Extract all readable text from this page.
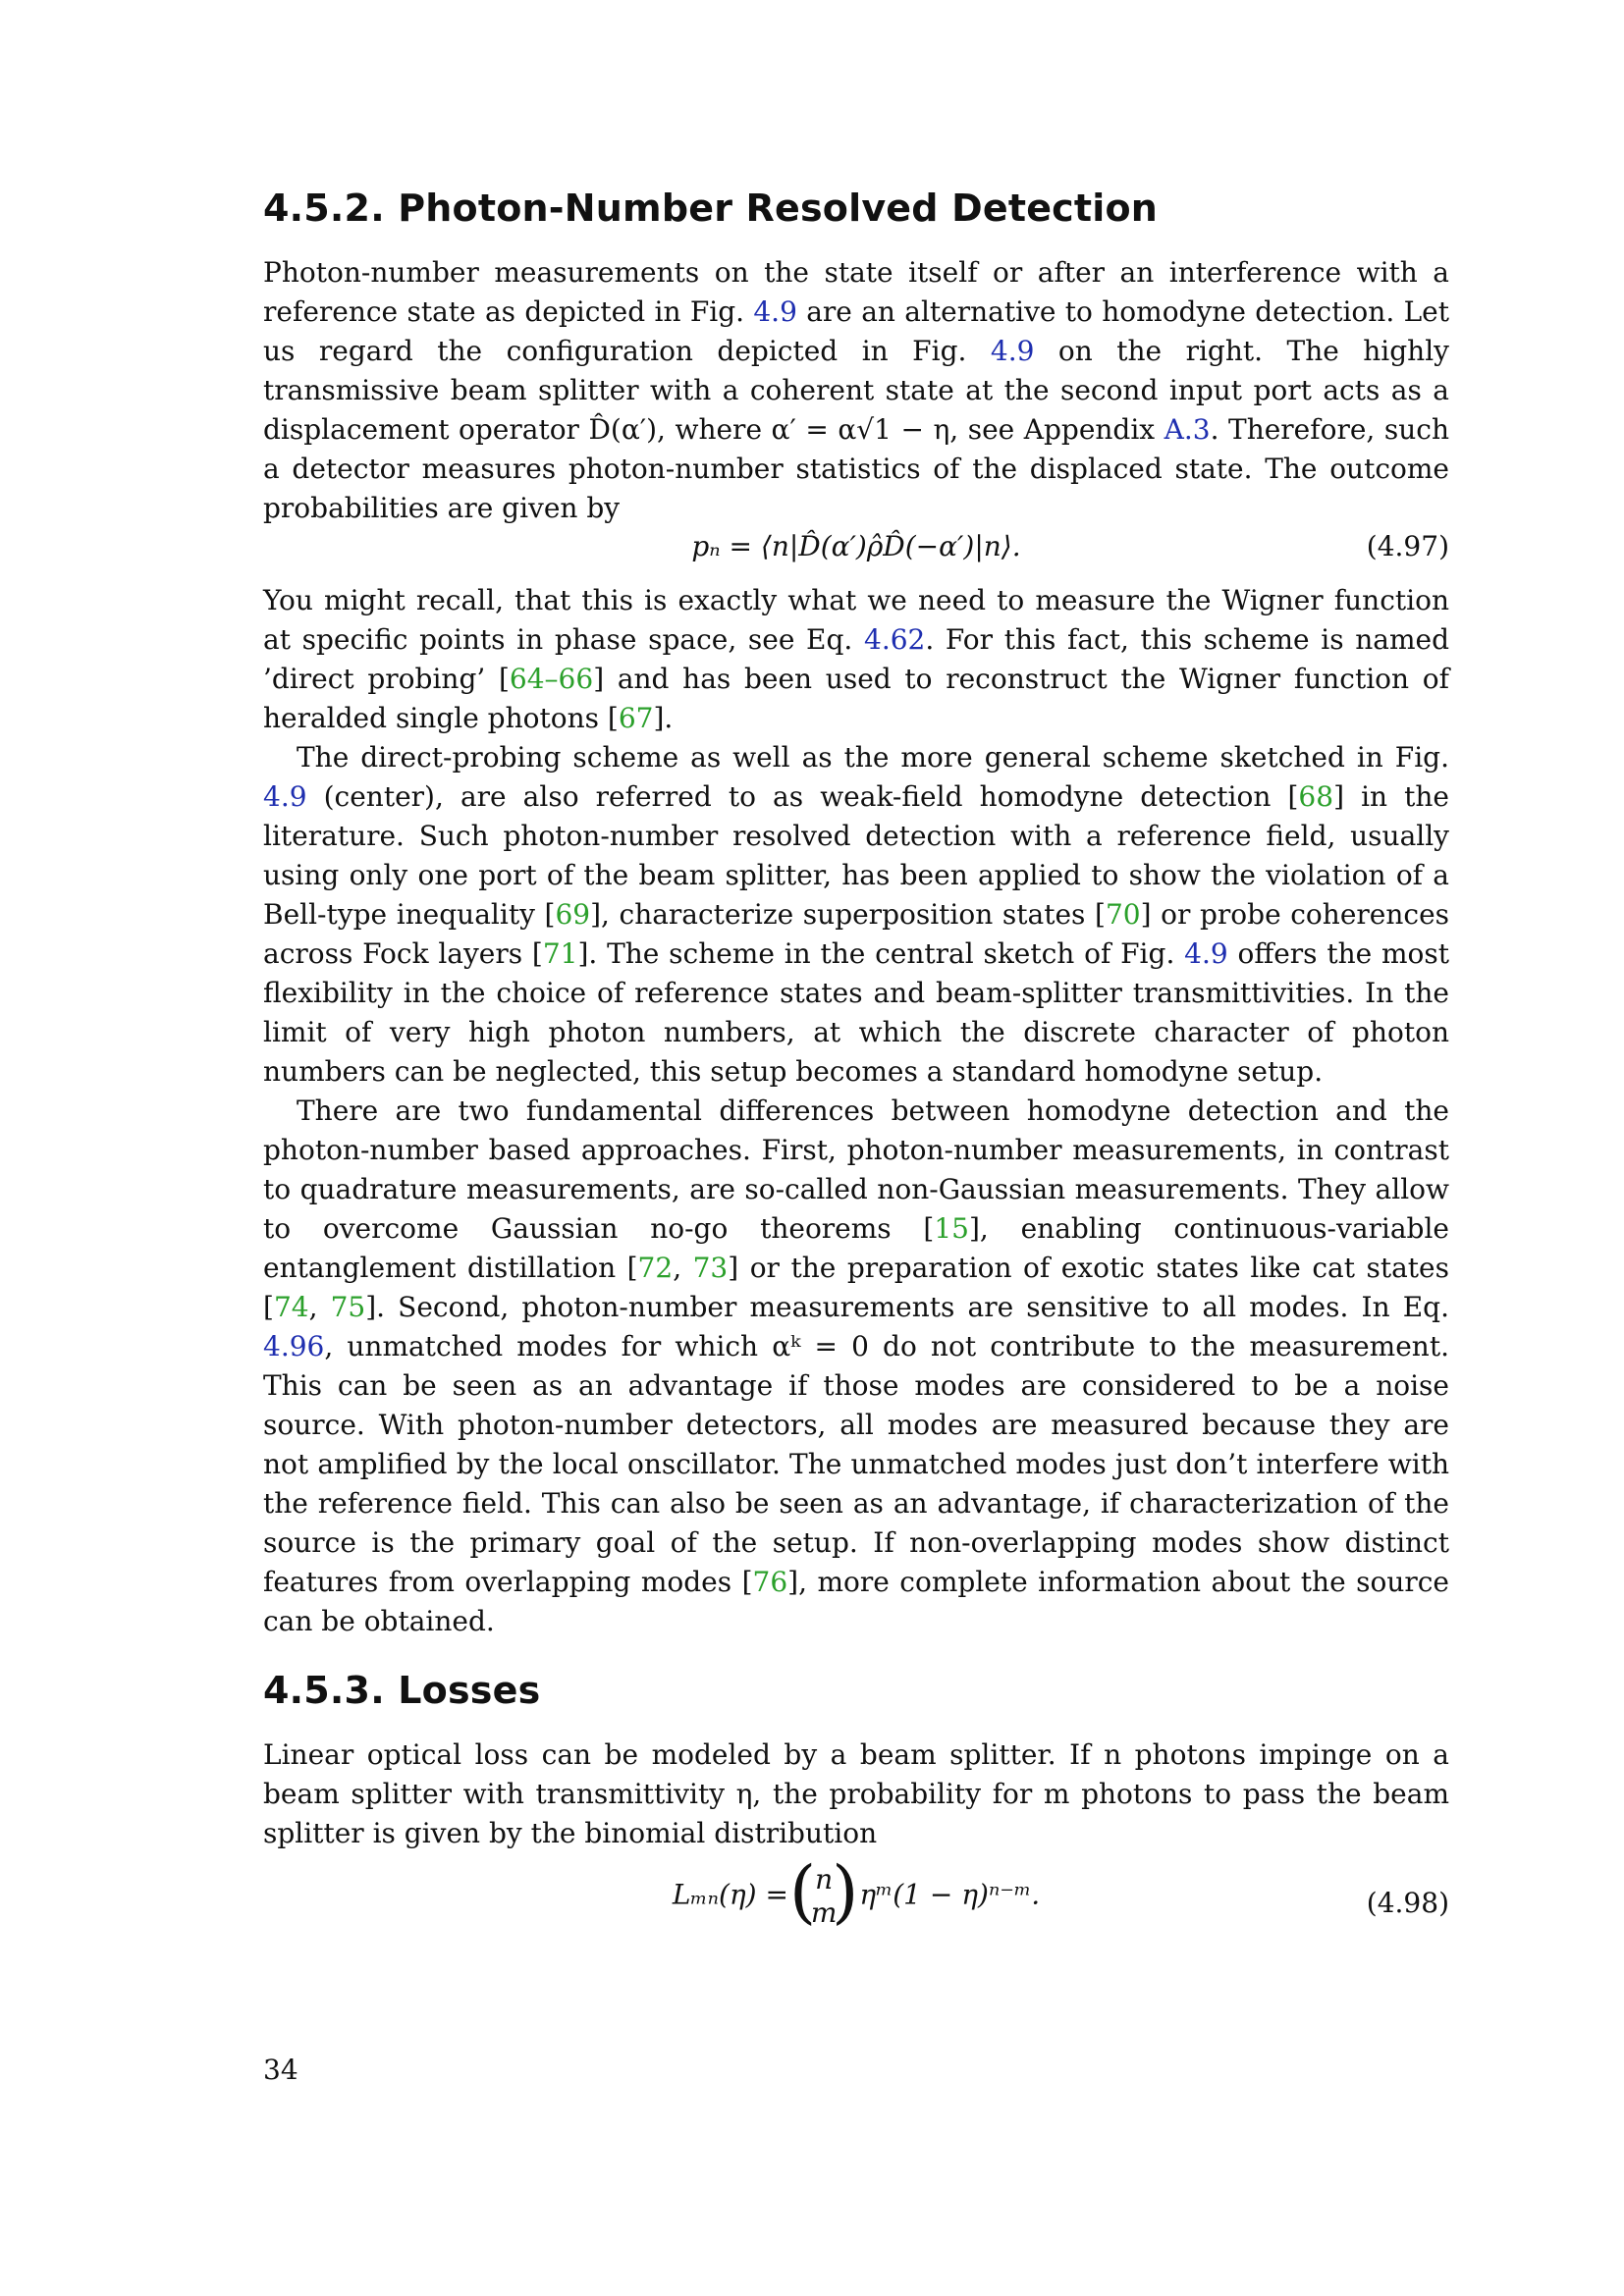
4.5.2. Photon-Number Resolved Detection

Photon-number measurements on the state itself or after an interference with a reference state as depicted in Fig. 4.9 are an alternative to homodyne detection. Let us regard the configuration depicted in Fig. 4.9 on the right. The highly transmissive beam splitter with a coherent state at the second input port acts as a displacement operator D̂(α′), where α′ = α√1 − η, see Appendix A.3. Therefore, such a detector measures photon-number statistics of the displaced state. The outcome probabilities are given by

pₙ = ⟨n|D̂(α′)ρ̂D̂(−α′)|n⟩.	(4.97)

You might recall, that this is exactly what we need to measure the Wigner function at specific points in phase space, see Eq. 4.62. For this fact, this scheme is named ’direct probing’ [64–66] and has been used to reconstruct the Wigner function of heralded single photons [67].

The direct-probing scheme as well as the more general scheme sketched in Fig. 4.9 (center), are also referred to as weak-field homodyne detection [68] in the literature. Such photon-number resolved detection with a reference field, usually using only one port of the beam splitter, has been applied to show the violation of a Bell-type inequality [69], characterize superposition states [70] or probe coherences across Fock layers [71]. The scheme in the central sketch of Fig. 4.9 offers the most flexibility in the choice of reference states and beam-splitter transmittivities. In the limit of very high photon numbers, at which the discrete character of photon numbers can be neglected, this setup becomes a standard homodyne setup.

There are two fundamental differences between homodyne detection and the photon-number based approaches. First, photon-number measurements, in contrast to quadrature measurements, are so-called non-Gaussian measurements. They allow to overcome Gaussian no-go theorems [15], enabling continuous-variable entanglement distillation [72, 73] or the preparation of exotic states like cat states [74, 75]. Second, photon-number measurements are sensitive to all modes. In Eq. 4.96, unmatched modes for which αᵏ = 0 do not contribute to the measurement. This can be seen as an advantage if those modes are considered to be a noise source. With photon-number detectors, all modes are measured because they are not amplified by the local onscillator. The unmatched modes just don’t interfere with the reference field. This can also be seen as an advantage, if characterization of the source is the primary goal of the setup. If non-overlapping modes show distinct features from overlapping modes [76], more complete information about the source can be obtained.

4.5.3. Losses

Linear optical loss can be modeled by a beam splitter. If n photons impinge on a beam splitter with transmittivity η, the probability for m photons to pass the beam splitter is given by the binomial distribution

Lₘₙ(η) = (
n
m
) ηᵐ(1 − η)ⁿ⁻ᵐ.	(4.98)
34
